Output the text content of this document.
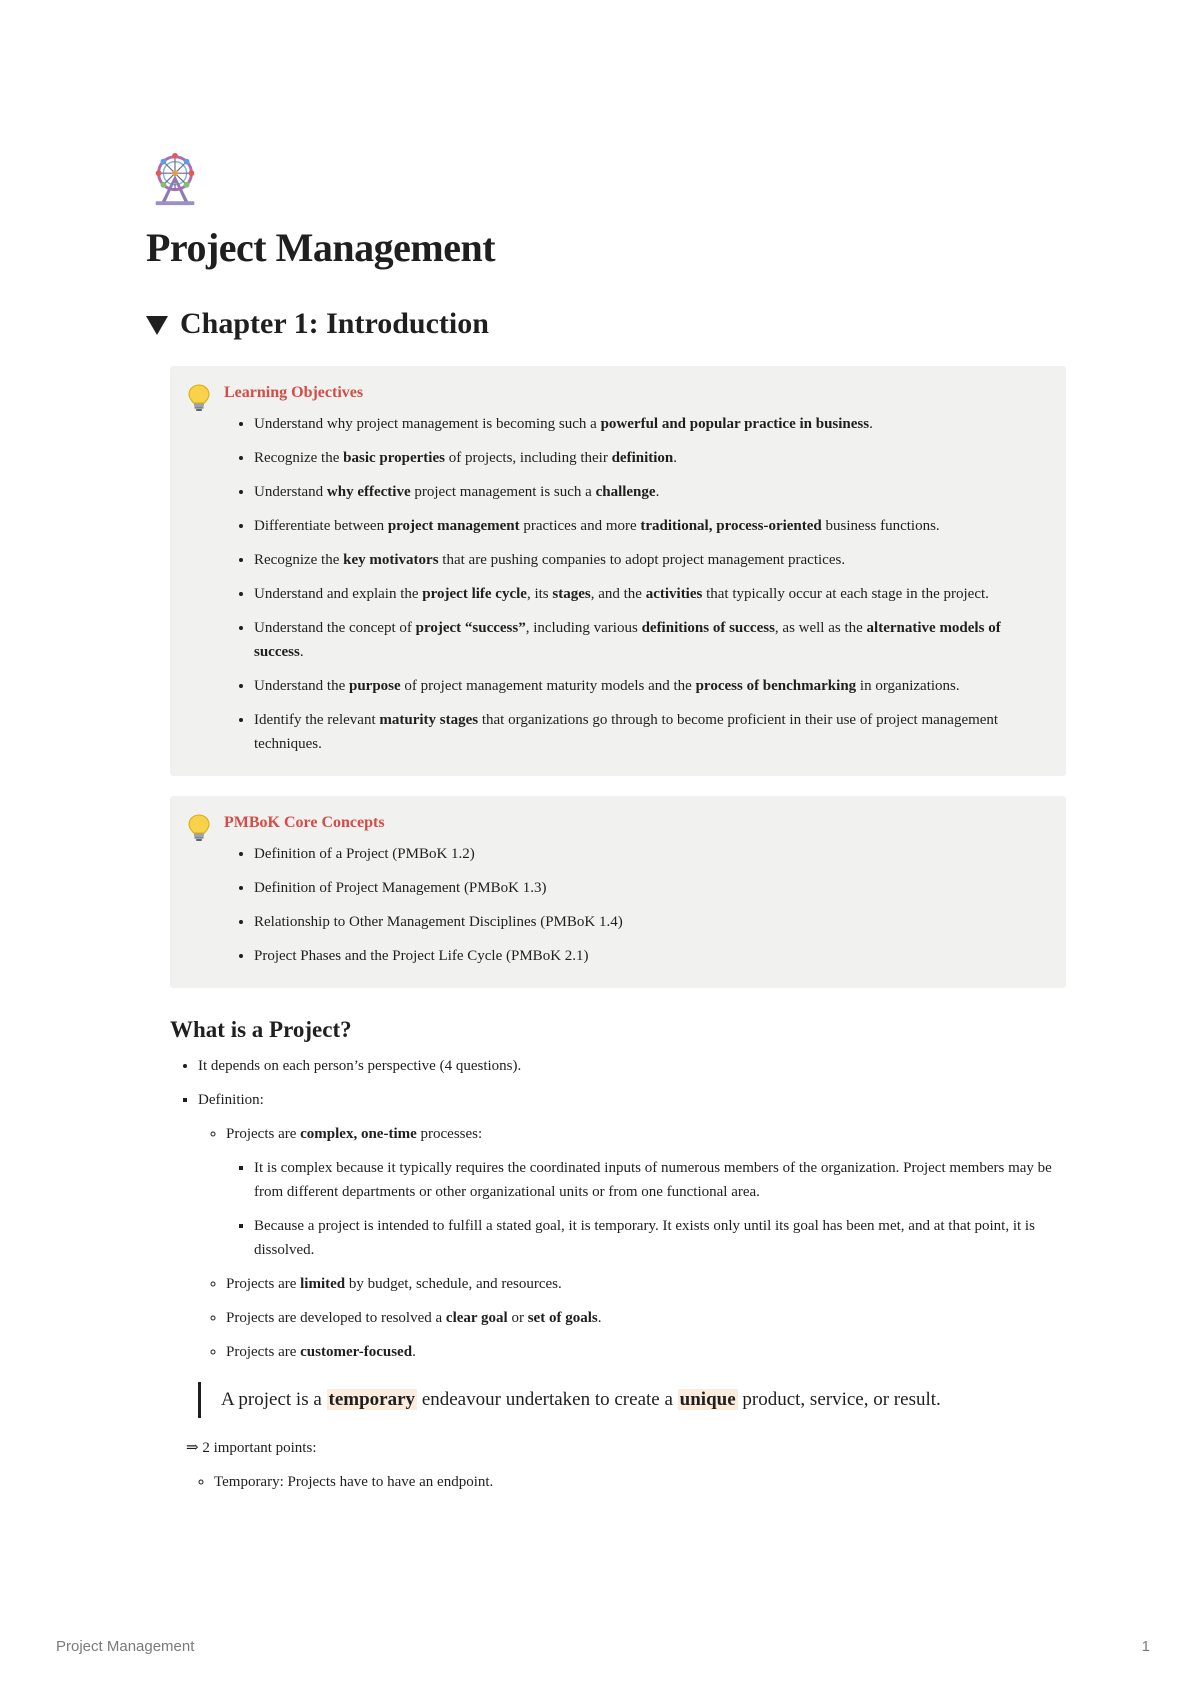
Project Management
Chapter 1: Introduction
Learning Objectives
• Understand why project management is becoming such a powerful and popular practice in business.
• Recognize the basic properties of projects, including their definition.
• Understand why effective project management is such a challenge.
• Differentiate between project management practices and more traditional, process-oriented business functions.
• Recognize the key motivators that are pushing companies to adopt project management practices.
• Understand and explain the project life cycle, its stages, and the activities that typically occur at each stage in the project.
• Understand the concept of project “success”, including various definitions of success, as well as the alternative models of success.
• Understand the purpose of project management maturity models and the process of benchmarking in organizations.
• Identify the relevant maturity stages that organizations go through to become proficient in their use of project management techniques.
PMBoK Core Concepts
• Definition of a Project (PMBoK 1.2)
• Definition of Project Management (PMBoK 1.3)
• Relationship to Other Management Disciplines (PMBoK 1.4)
• Project Phases and the Project Life Cycle (PMBoK 2.1)
What is a Project?
• It depends on each person’s perspective (4 questions).
▪ Definition:
◦ Projects are complex, one-time processes:
▪ It is complex because it typically requires the coordinated inputs of numerous members of the organization. Project members may be from different departments or other organizational units or from one functional area.
▪ Because a project is intended to fulfill a stated goal, it is temporary. It exists only until its goal has been met, and at that point, it is dissolved.
◦ Projects are limited by budget, schedule, and resources.
◦ Projects are developed to resolved a clear goal or set of goals.
◦ Projects are customer-focused.
A project is a temporary endeavour undertaken to create a unique product, service, or result.
⇒ 2 important points:
◦ Temporary: Projects have to have an endpoint.
Project Management	1
